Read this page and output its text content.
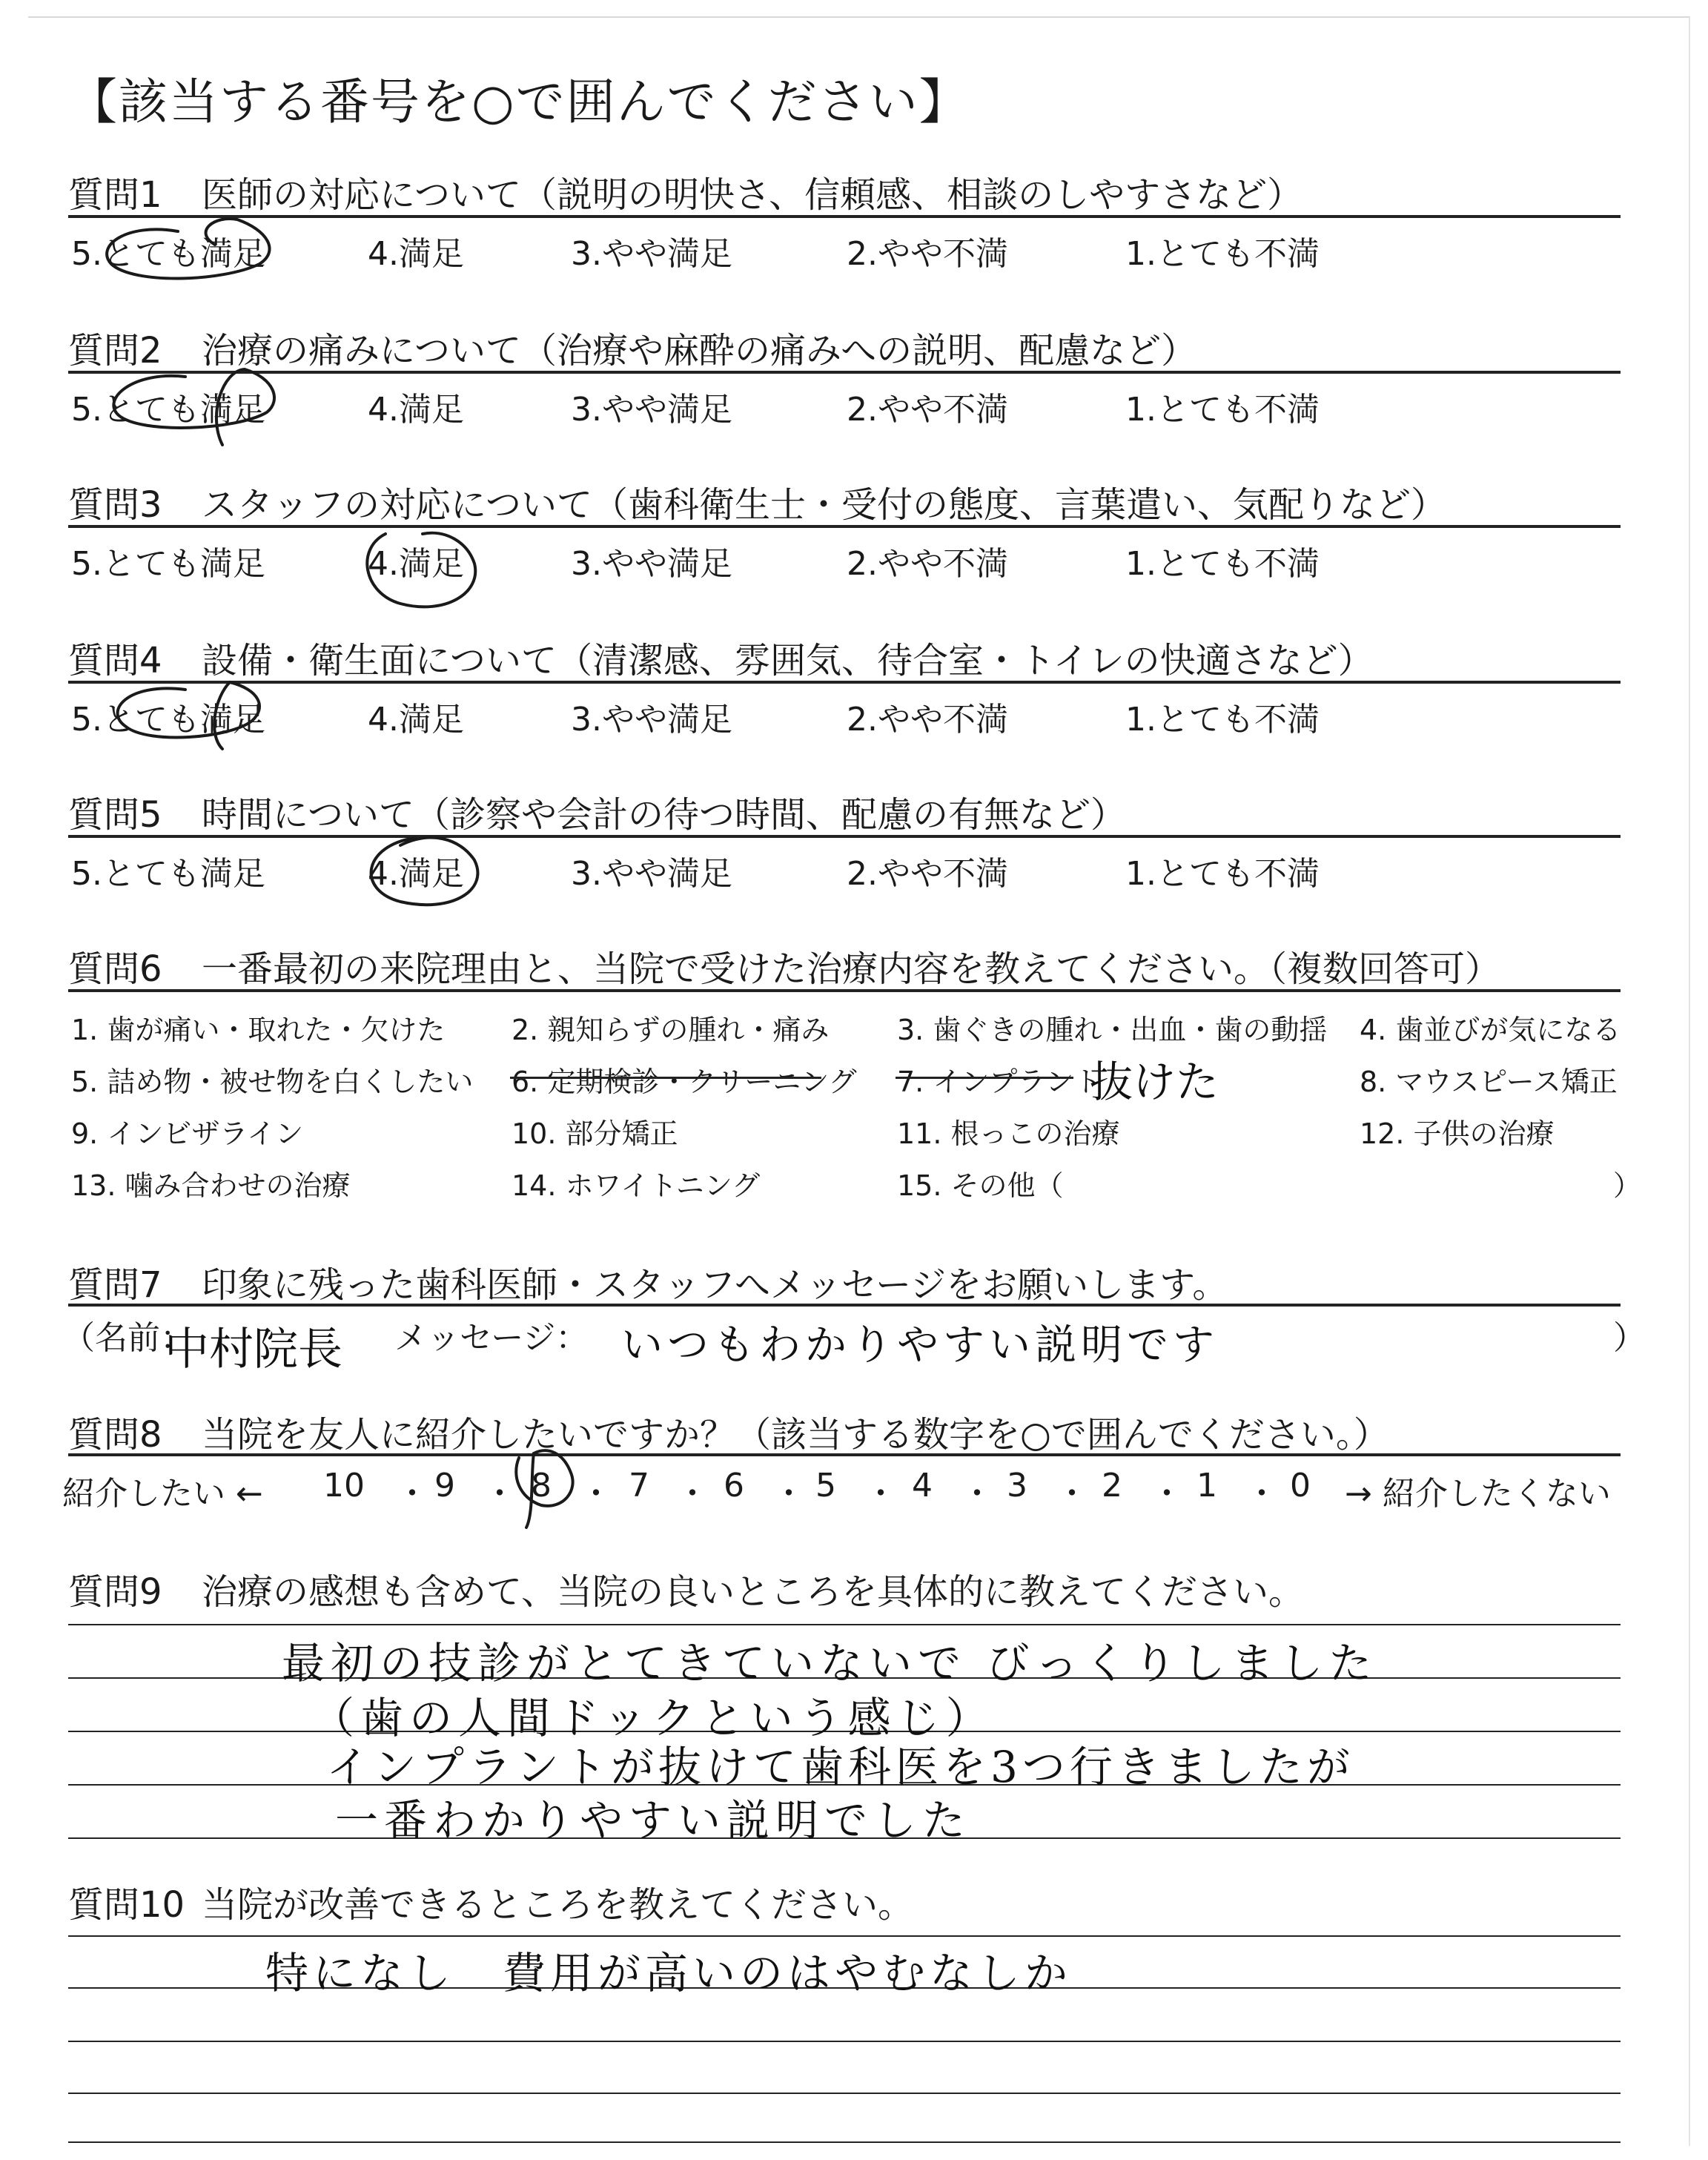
【該当する番号を○で囲んでください】
質問1 医師の対応について（説明の明快さ、信頼感、相談のしやすさなど）
5.とても満足	4.満足	3.やや満足	2.やや不満	1.とても不満
質問2 治療の痛みについて（治療や麻酔の痛みへの説明、配慮など）
5.とても満足	4.満足	3.やや満足	2.やや不満	1.とても不満
質問3 スタッフの対応について（歯科衛生士・受付の態度、言葉遣い、気配りなど）
5.とても満足	4.満足	3.やや満足	2.やや不満	1.とても不満
質問4 設備・衛生面について（清潔感、雰囲気、待合室・トイレの快適さなど）
5.とても満足	4.満足	3.やや満足	2.やや不満	1.とても不満
質問5 時間について（診察や会計の待つ時間、配慮の有無など）
5.とても満足	4.満足	3.やや満足	2.やや不満	1.とても不満
質問6 一番最初の来院理由と、当院で受けた治療内容を教えてください。（複数回答可）
1. 歯が痛い・取れた・欠けた 2. 親知らずの腫れ・痛み 3. 歯ぐきの腫れ・出血・歯の動揺 4. 歯並びが気になる
5. 詰め物・被せ物を白くしたい 6. 定期検診・クリーニング 7. インプラント	8. マウスピース矯正
9. インビザライン	10. 部分矯正	11. 根っこの治療	12. 子供の治療
13. 噛み合わせの治療	14. ホワイトニング	15. その他（	）
抜けた
質問7 印象に残った歯科医師・スタッフへメッセージをお願いします。
（名前：
中村院長 メッセージ： いつもわかりやすい説明です	）
質問8 当院を友人に紹介したいですか？（該当する数字を○で囲んでください。）
紹介したい ← 10 ・ 9 ・ 8 ・ 7 ・ 6 ・ 5 ・ 4 ・ 3 ・ 2 ・ 1 ・ 0 → 紹介したくない
質問9 治療の感想も含めて、当院の良いところを具体的に教えてください。
最初の技診がとてきていないで びっくりしました
（歯の人間ドックという感じ）
インプラントが抜けて歯科医を3つ行きましたが
一番わかりやすい説明でした
質問10 当院が改善できるところを教えてください。
特になし　費用が高いのはやむなしか
